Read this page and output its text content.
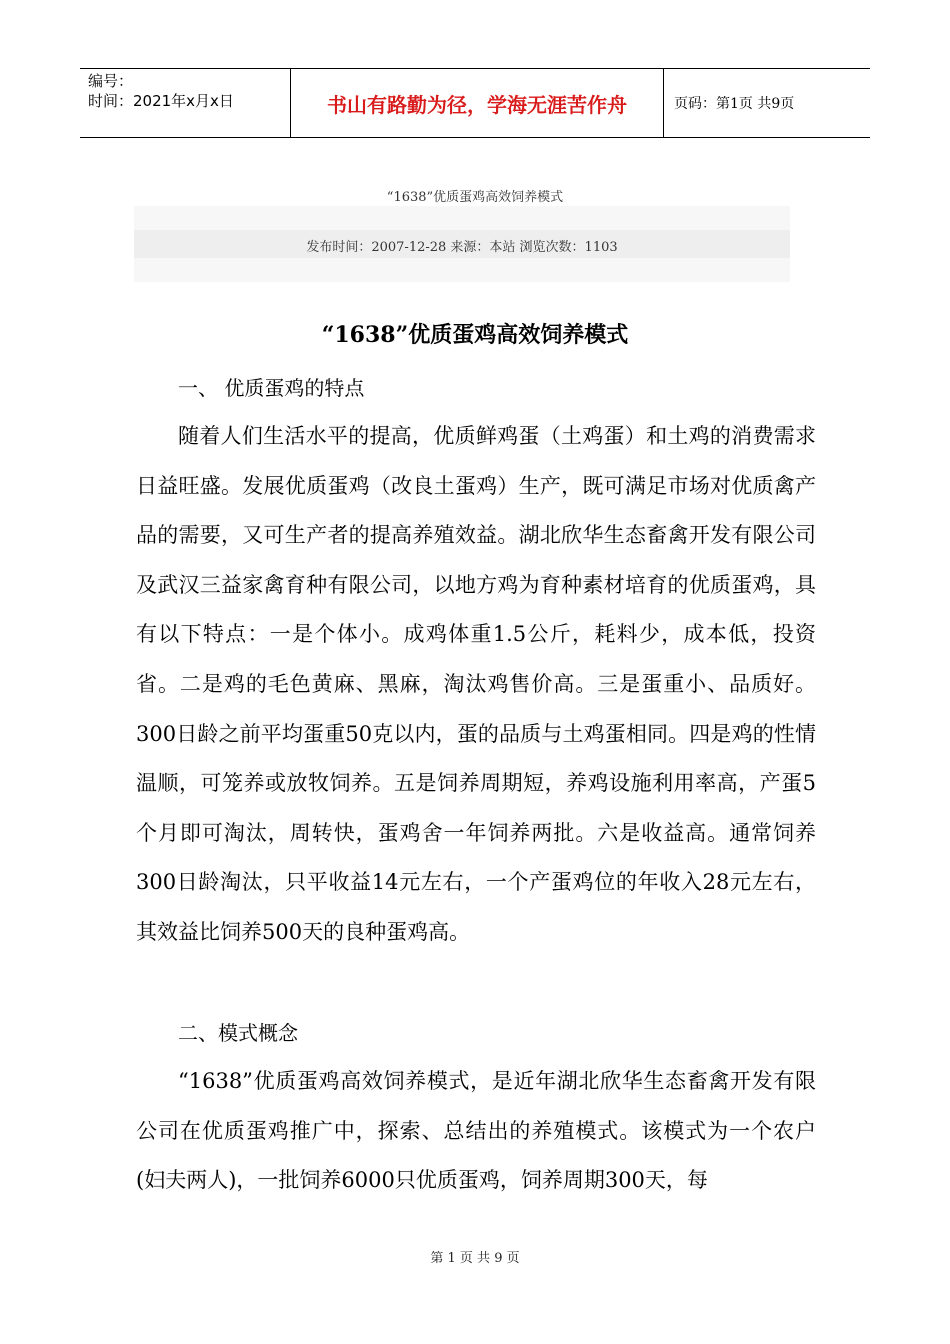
编号：
时间：2021年x月x日	书山有路勤为径，学海无涯苦作舟	页码：第1页 共9页
“1638”优质蛋鸡高效饲养模式
发布时间：2007-12-28 来源：本站 浏览次数：1103
“1638”优质蛋鸡高效饲养模式
一、 优质蛋鸡的特点

随着人们生活水平的提高，优质鲜鸡蛋（土鸡蛋）和土鸡的消费需求日益旺盛。发展优质蛋鸡（改良土蛋鸡）生产，既可满足市场对优质禽产品的需要，又可生产者的提高养殖效益。湖北欣华生态畜禽开发有限公司及武汉三益家禽育种有限公司，以地方鸡为育种素材培育的优质蛋鸡，具有以下特点：一是个体小。成鸡体重1.5公斤，耗料少，成本低，投资省。二是鸡的毛色黄麻、黑麻，淘汰鸡售价高。三是蛋重小、品质好。300日龄之前平均蛋重50克以内，蛋的品质与土鸡蛋相同。四是鸡的性情温顺，可笼养或放牧饲养。五是饲养周期短，养鸡设施利用率高，产蛋5个月即可淘汰，周转快，蛋鸡舍一年饲养两批。六是收益高。通常饲养300日龄淘汰，只平收益14元左右，一个产蛋鸡位的年收入28元左右，其效益比饲养500天的良种蛋鸡高。

二、模式概念

“1638”优质蛋鸡高效饲养模式，是近年湖北欣华生态畜禽开发有限公司在优质蛋鸡推广中，探索、总结出的养殖模式。该模式为一个农户(妇夫两人)，一批饲养6000只优质蛋鸡，饲养周期300天，每

第 1 页 共 9 页
